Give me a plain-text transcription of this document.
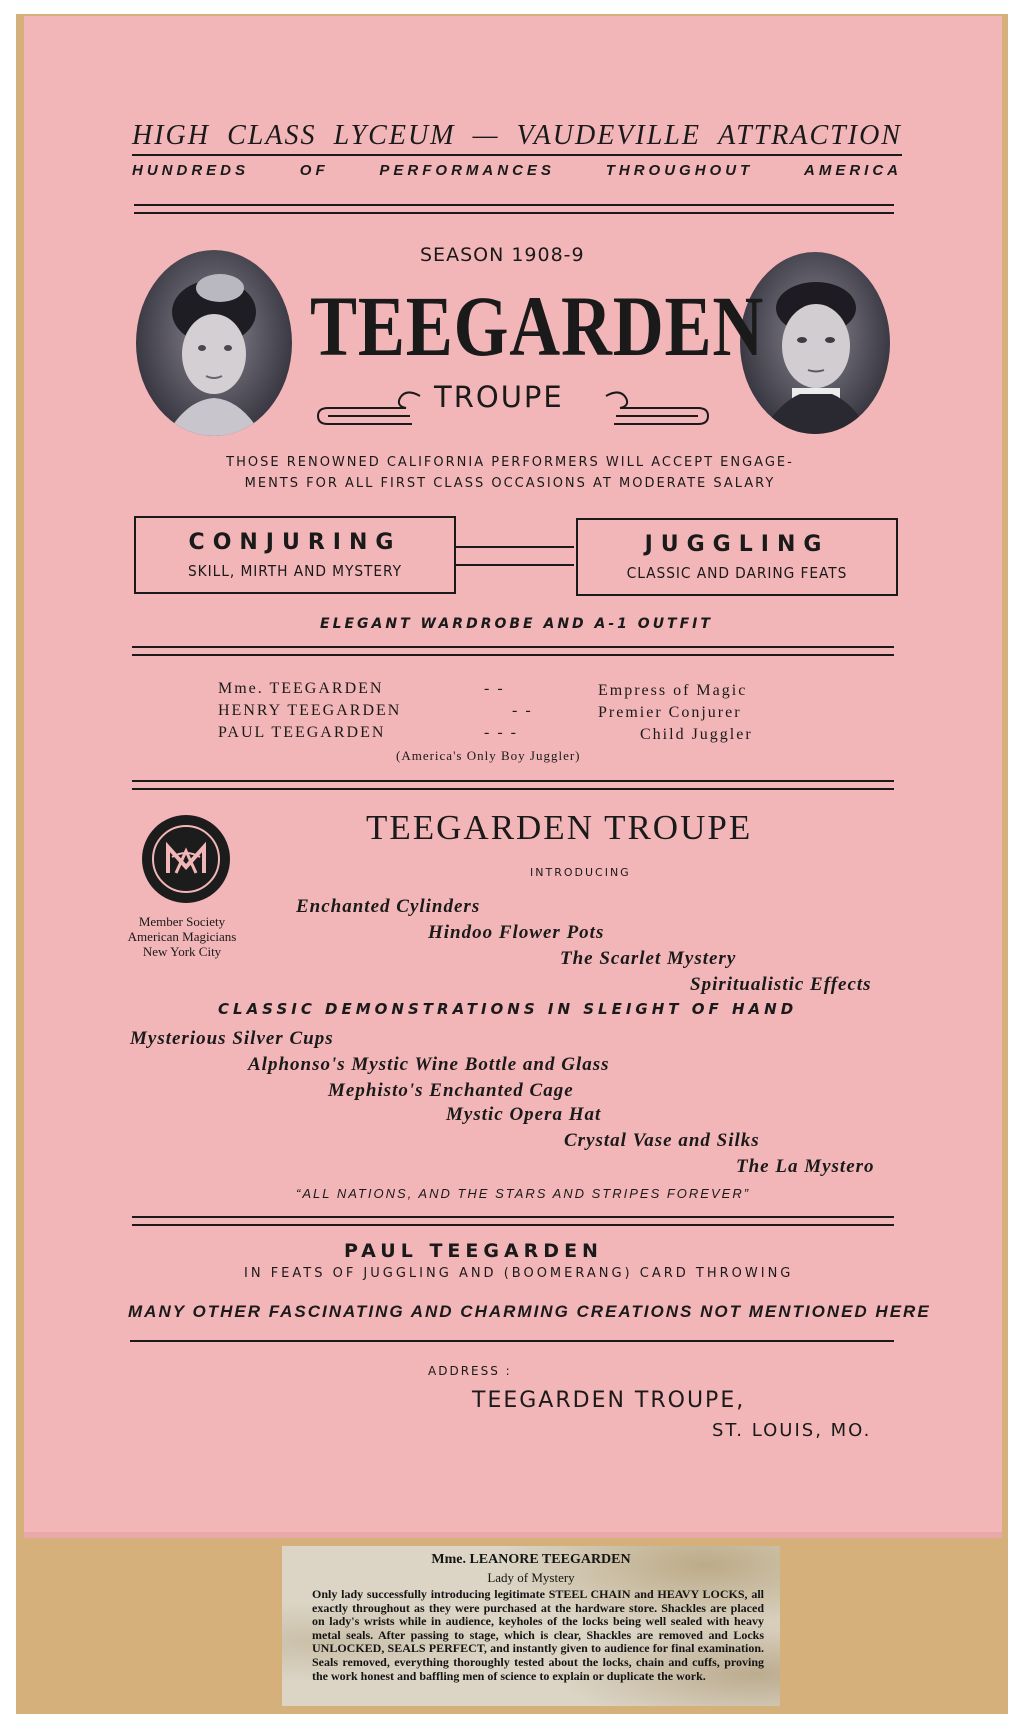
HIGH CLASS LYCEUM — VAUDEVILLE ATTRACTION
HUNDREDS	OF	PERFORMANCES	THROUGHOUT	AMERICA
SEASON 1908-9
TEEGARDEN
TROUPE
THOSE RENOWNED CALIFORNIA PERFORMERS WILL ACCEPT ENGAGE-MENTS FOR ALL FIRST CLASS OCCASIONS AT MODERATE SALARY
CONJURING
SKILL, MIRTH AND MYSTERY
JUGGLING
CLASSIC AND DARING FEATS
ELEGANT WARDROBE AND A-1 OUTFIT
Mme. TEEGARDEN	- -	Empress of Magic
HENRY TEEGARDEN	- -	Premier Conjurer
PAUL TEEGARDEN	- - -	Child Juggler
(America's Only Boy Juggler)
Member Society American Magicians New York City
TEEGARDEN TROUPE
INTRODUCING
Enchanted Cylinders
Hindoo Flower Pots
The Scarlet Mystery
Spiritualistic Effects
CLASSIC DEMONSTRATIONS IN SLEIGHT OF HAND
Mysterious Silver Cups
Alphonso's Mystic Wine Bottle and Glass
Mephisto's Enchanted Cage
Mystic Opera Hat
Crystal Vase and Silks
The La Mystero
“ALL NATIONS, AND THE STARS AND STRIPES FOREVER”
PAUL TEEGARDEN
IN FEATS OF JUGGLING AND (BOOMERANG) CARD THROWING
MANY OTHER FASCINATING AND CHARMING CREATIONS NOT MENTIONED HERE
ADDRESS :
TEEGARDEN TROUPE,
ST. LOUIS, MO.
Mme. LEANORE TEEGARDEN
Lady of Mystery
Only lady successfully introducing legitimate STEEL CHAIN and HEAVY LOCKS, all exactly throughout as they were purchased at the hardware store. Shackles are placed on lady's wrists while in audience, keyholes of the locks being well sealed with heavy metal seals. After passing to stage, which is clear, Shackles are removed and Locks UNLOCKED, SEALS PERFECT, and instantly given to audience for final examination. Seals removed, everything thoroughly tested about the locks, chain and cuffs, proving the work honest and baffling men of science to explain or duplicate the work.
